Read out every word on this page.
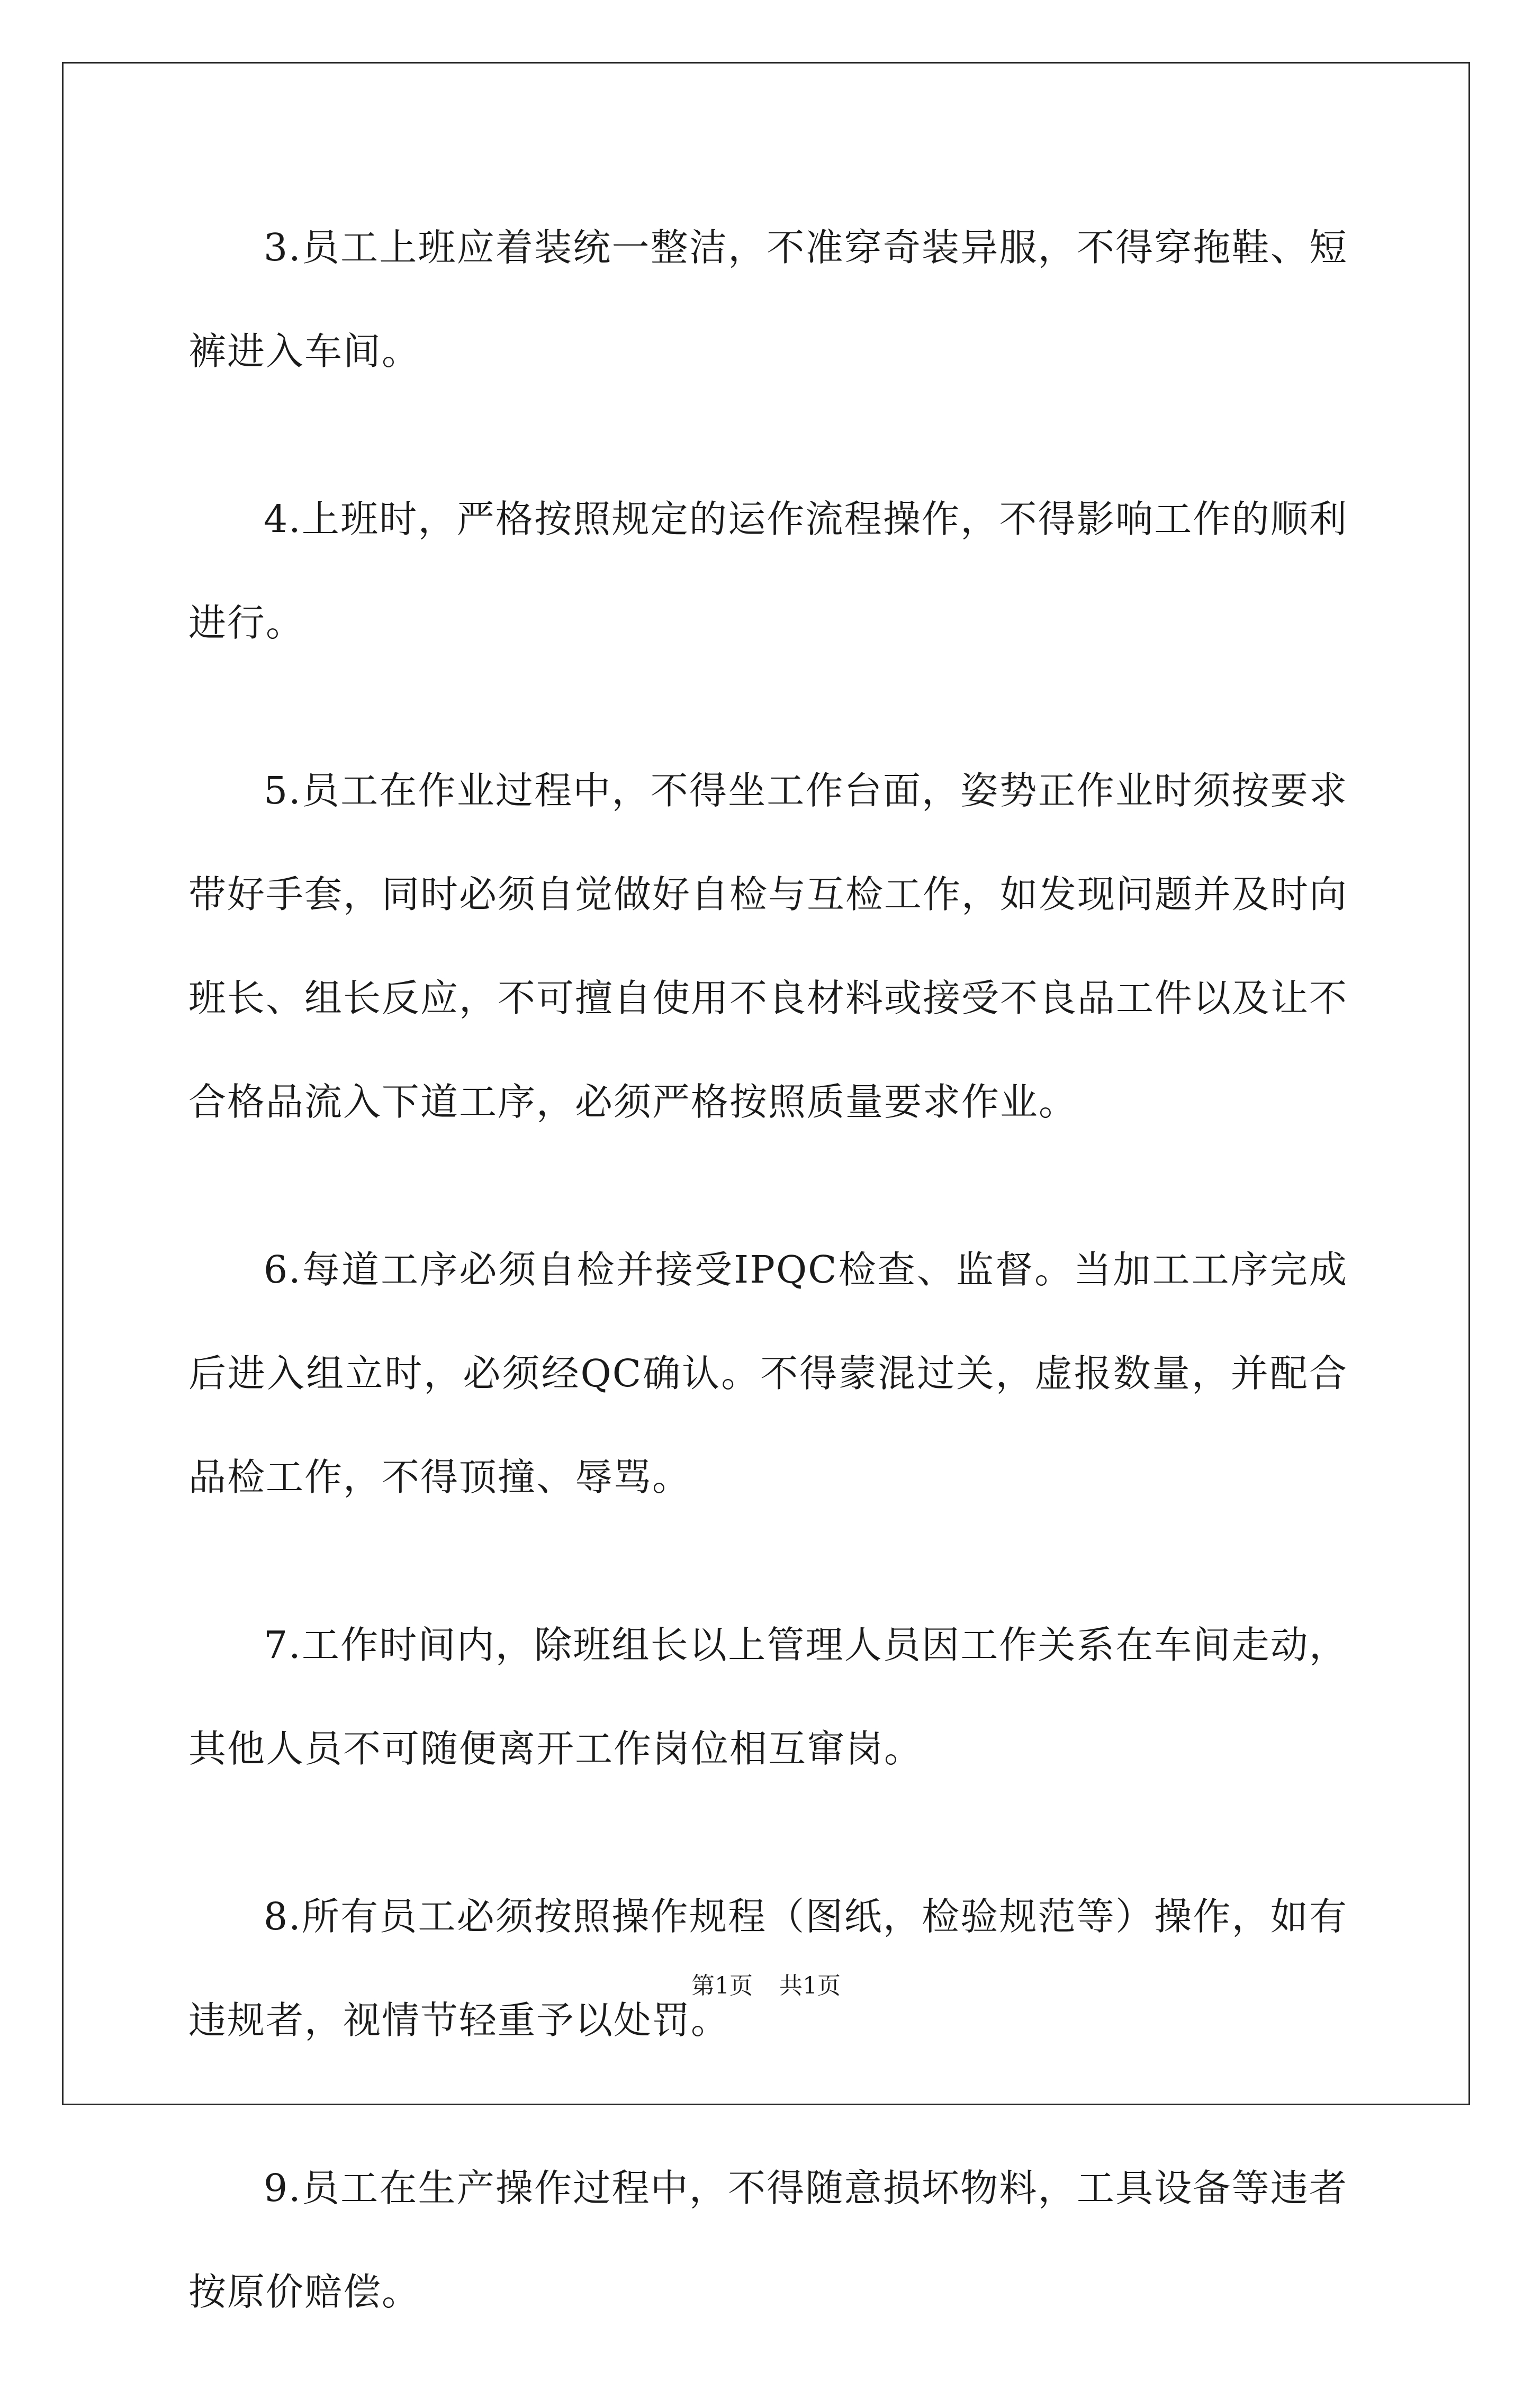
3.员工上班应着装统一整洁，不准穿奇装异服，不得穿拖鞋、短裤进入车间。

4.上班时，严格按照规定的运作流程操作，不得影响工作的顺利进行。

5.员工在作业过程中，不得坐工作台面，姿势正作业时须按要求带好手套，同时必须自觉做好自检与互检工作，如发现问题并及时向班长、组长反应，不可擅自使用不良材料或接受不良品工件以及让不合格品流入下道工序，必须严格按照质量要求作业。

6.每道工序必须自检并接受IPQC检查、监督。当加工工序完成后进入组立时，必须经QC确认。不得蒙混过关，虚报数量，并配合品检工作，不得顶撞、辱骂。

7.工作时间内，除班组长以上管理人员因工作关系在车间走动，其他人员不可随便离开工作岗位相互窜岗。

8.所有员工必须按照操作规程（图纸，检验规范等）操作，如有违规者，视情节轻重予以处罚。

9.员工在生产操作过程中，不得随意损坏物料，工具设备等违者按原价赔偿。

第1页 共1页
